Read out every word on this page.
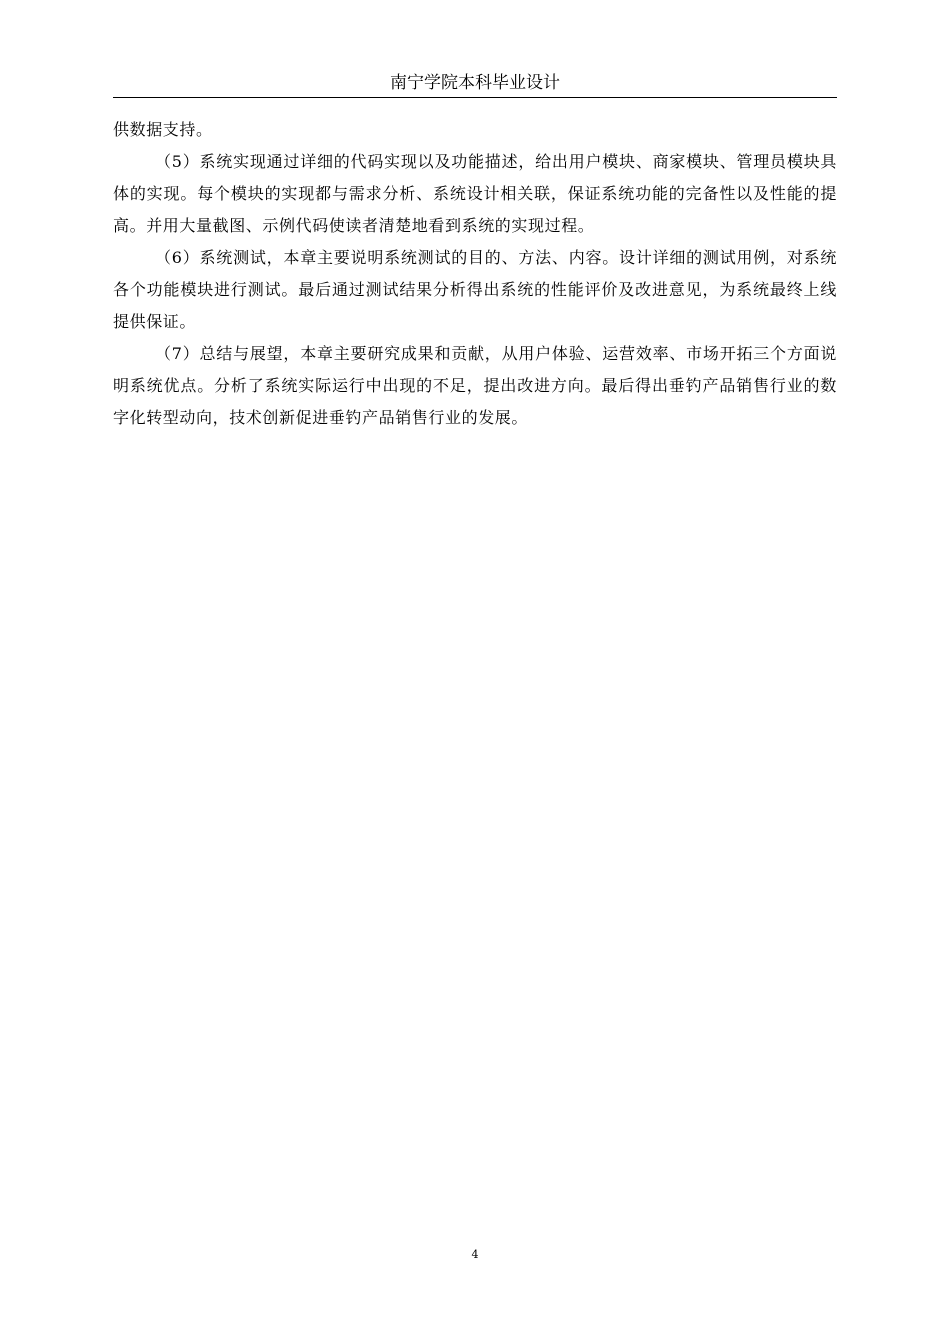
南宁学院本科毕业设计

供数据支持。

（5）系统实现通过详细的代码实现以及功能描述，给出用户模块、商家模块、管理员模块具体的实现。每个模块的实现都与需求分析、系统设计相关联，保证系统功能的完备性以及性能的提高。并用大量截图、示例代码使读者清楚地看到系统的实现过程。

（6）系统测试，本章主要说明系统测试的目的、方法、内容。设计详细的测试用例，对系统各个功能模块进行测试。最后通过测试结果分析得出系统的性能评价及改进意见，为系统最终上线提供保证。

（7）总结与展望，本章主要研究成果和贡献，从用户体验、运营效率、市场开拓三个方面说明系统优点。分析了系统实际运行中出现的不足，提出改进方向。最后得出垂钓产品销售行业的数字化转型动向，技术创新促进垂钓产品销售行业的发展。

4
